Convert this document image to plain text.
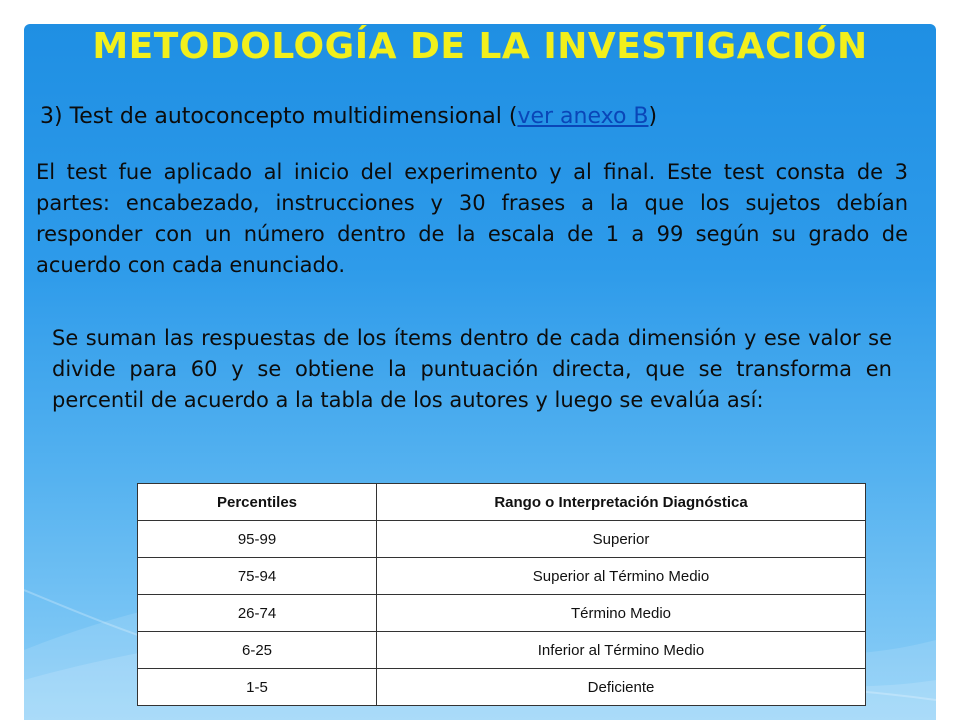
METODOLOGÍA DE LA INVESTIGACIÓN
3) Test de autoconcepto multidimensional (ver anexo B)
El test fue aplicado al inicio del experimento y al final. Este test consta de 3 partes: encabezado, instrucciones y 30 frases a la que los sujetos debían responder con un número dentro de la escala de 1 a 99 según su grado de acuerdo con cada enunciado.
Se suman las respuestas de los ítems dentro de cada dimensión y ese valor se divide para 60 y se obtiene la puntuación directa, que se transforma en percentil de acuerdo a la tabla de los autores y luego se evalúa así:
Percentiles	Rango o Interpretación Diagnóstica
95-99	Superior
75-94	Superior al Término Medio
26-74	Término Medio
6-25	Inferior al Término Medio
1-5	Deficiente
